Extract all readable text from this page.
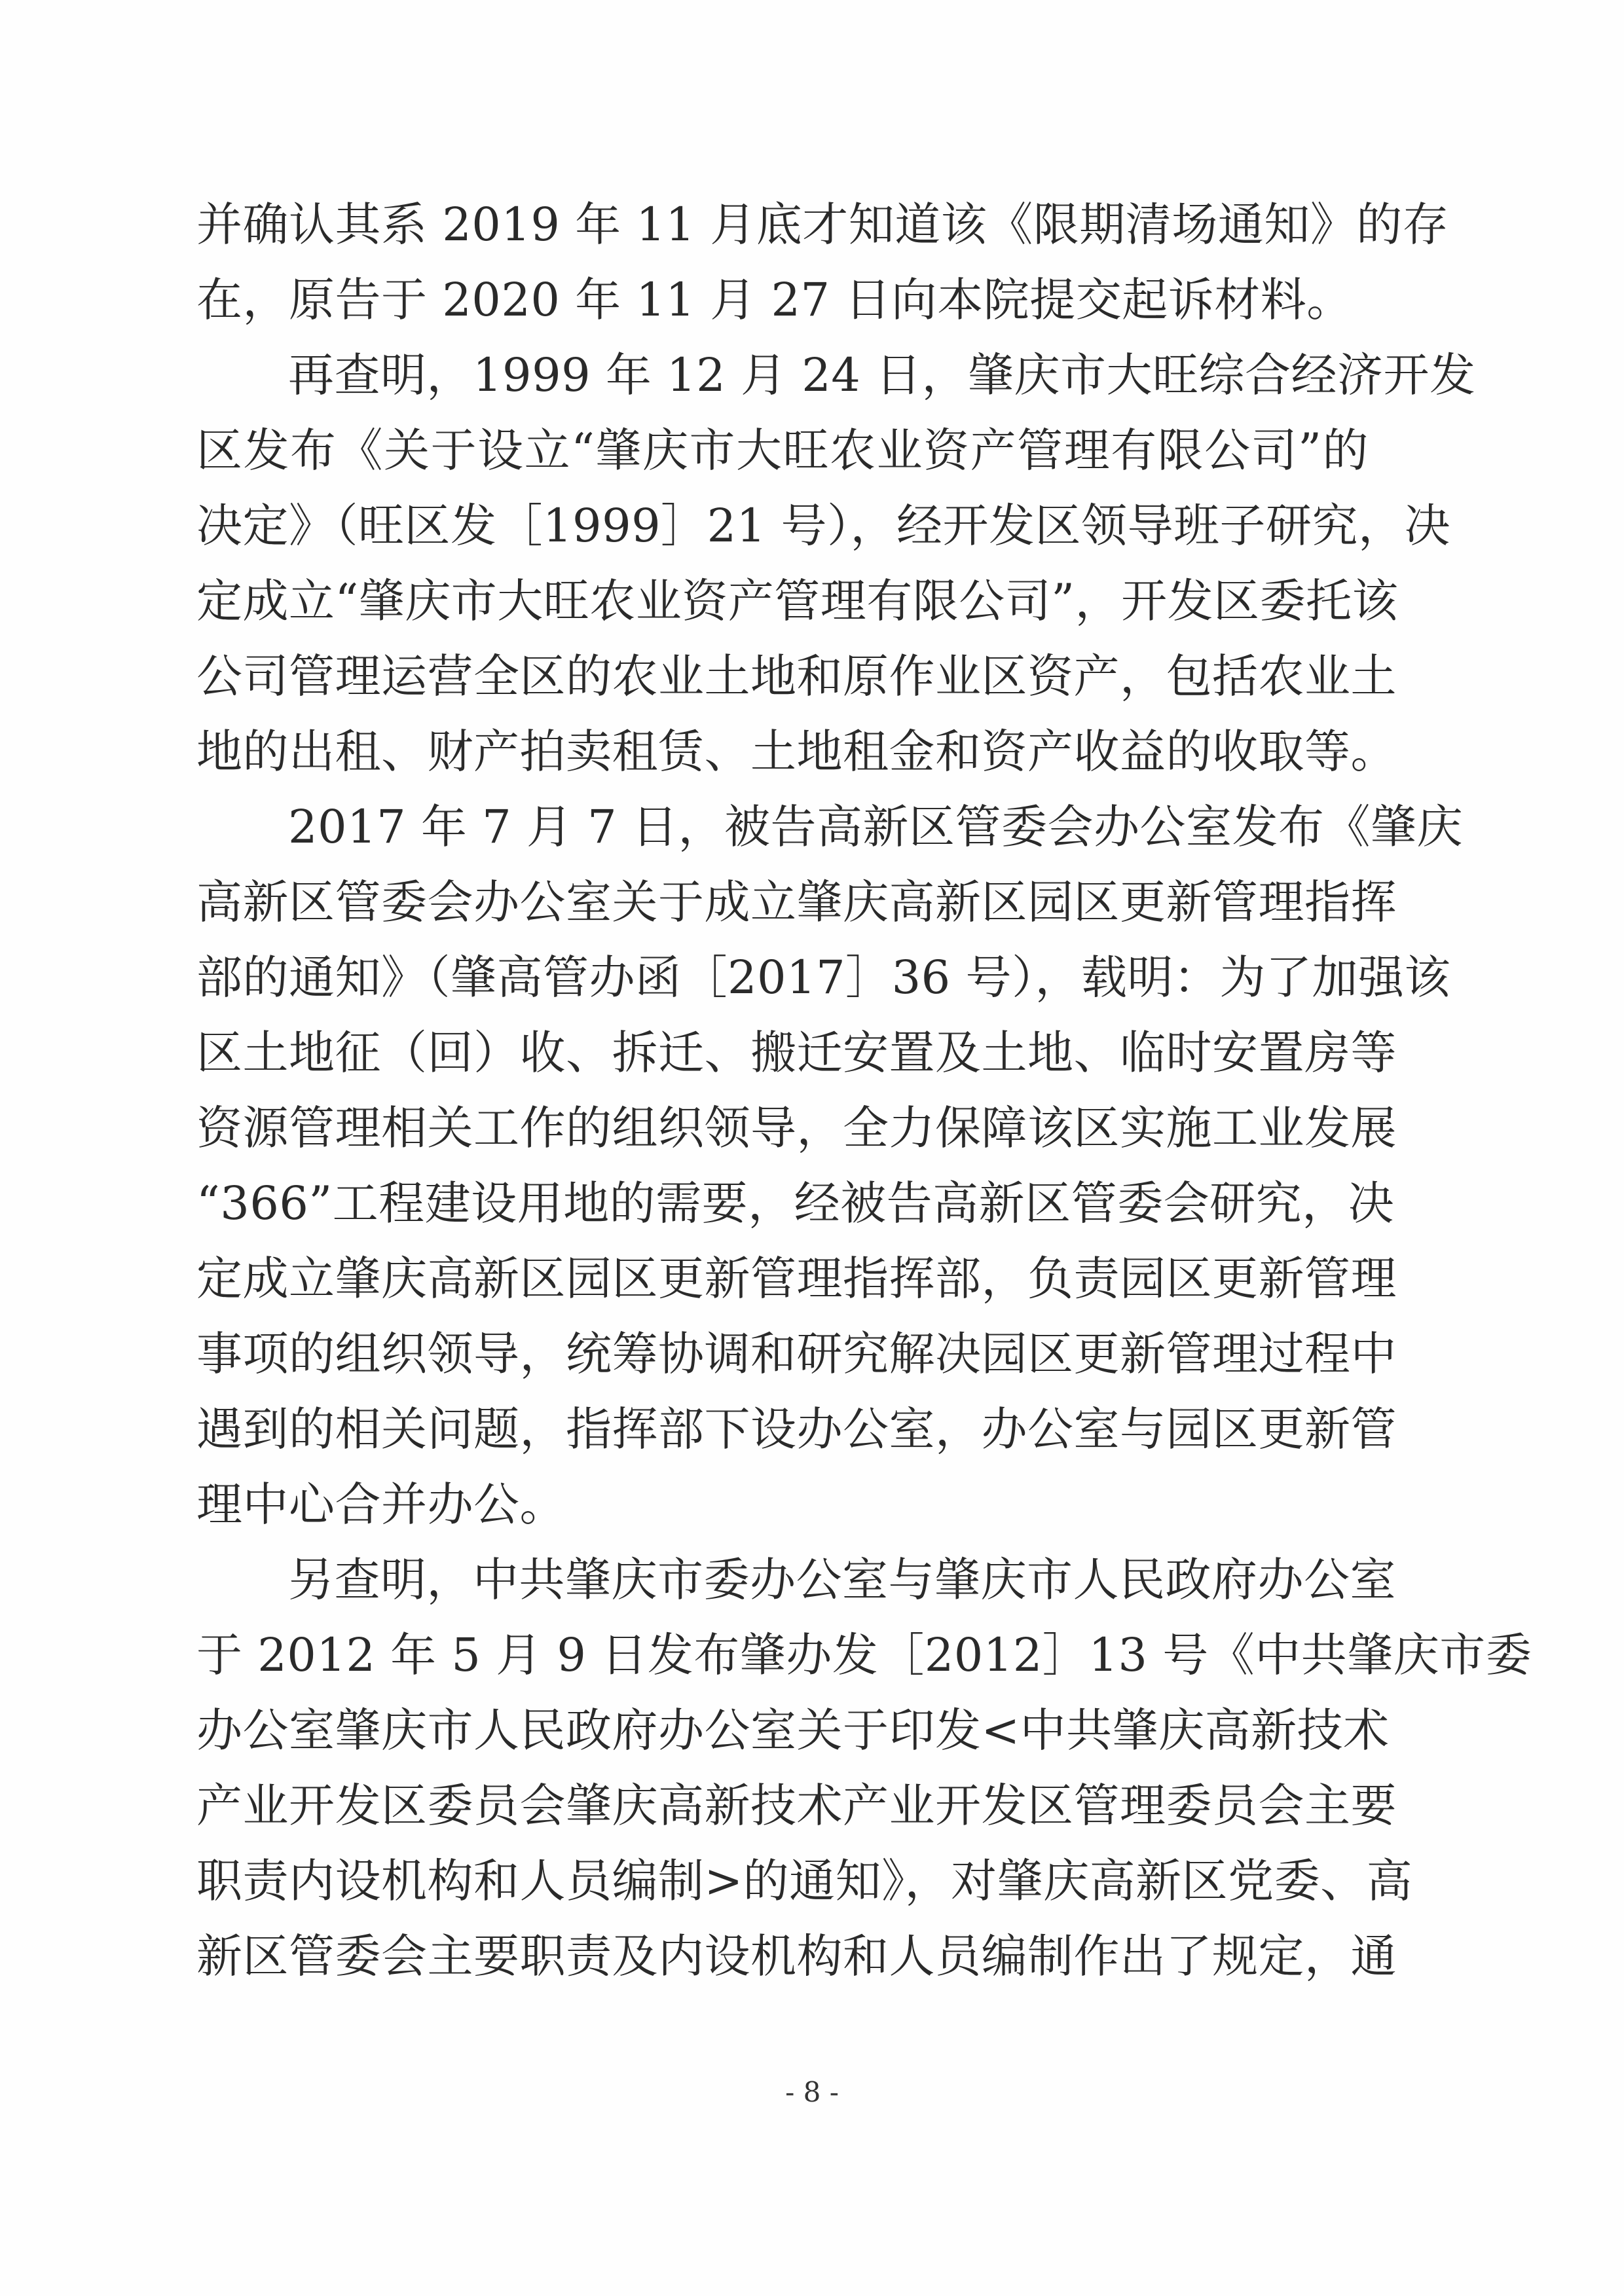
并确认其系 2019 年 11 月底才知道该《限期清场通知》的存
在，原告于 2020 年 11 月 27 日向本院提交起诉材料。
再查明，1999 年 12 月 24 日，肇庆市大旺综合经济开发
区发布《关于设立“肇庆市大旺农业资产管理有限公司”的
决定》（旺区发［1999］21 号），经开发区领导班子研究，决
定成立“肇庆市大旺农业资产管理有限公司”，开发区委托该
公司管理运营全区的农业土地和原作业区资产，包括农业土
地的出租、财产拍卖租赁、土地租金和资产收益的收取等。
2017 年 7 月 7 日，被告高新区管委会办公室发布《肇庆
高新区管委会办公室关于成立肇庆高新区园区更新管理指挥
部的通知》（肇高管办函［2017］36 号），载明：为了加强该
区土地征（回）收、拆迁、搬迁安置及土地、临时安置房等
资源管理相关工作的组织领导，全力保障该区实施工业发展
“366”工程建设用地的需要，经被告高新区管委会研究，决
定成立肇庆高新区园区更新管理指挥部，负责园区更新管理
事项的组织领导，统筹协调和研究解决园区更新管理过程中
遇到的相关问题，指挥部下设办公室，办公室与园区更新管
理中心合并办公。
另查明，中共肇庆市委办公室与肇庆市人民政府办公室
于 2012 年 5 月 9 日发布肇办发［2012］13 号《中共肇庆市委
办公室肇庆市人民政府办公室关于印发<中共肇庆高新技术
产业开发区委员会肇庆高新技术产业开发区管理委员会主要
职责内设机构和人员编制>的通知》，对肇庆高新区党委、高
新区管委会主要职责及内设机构和人员编制作出了规定，通
- 8 -
